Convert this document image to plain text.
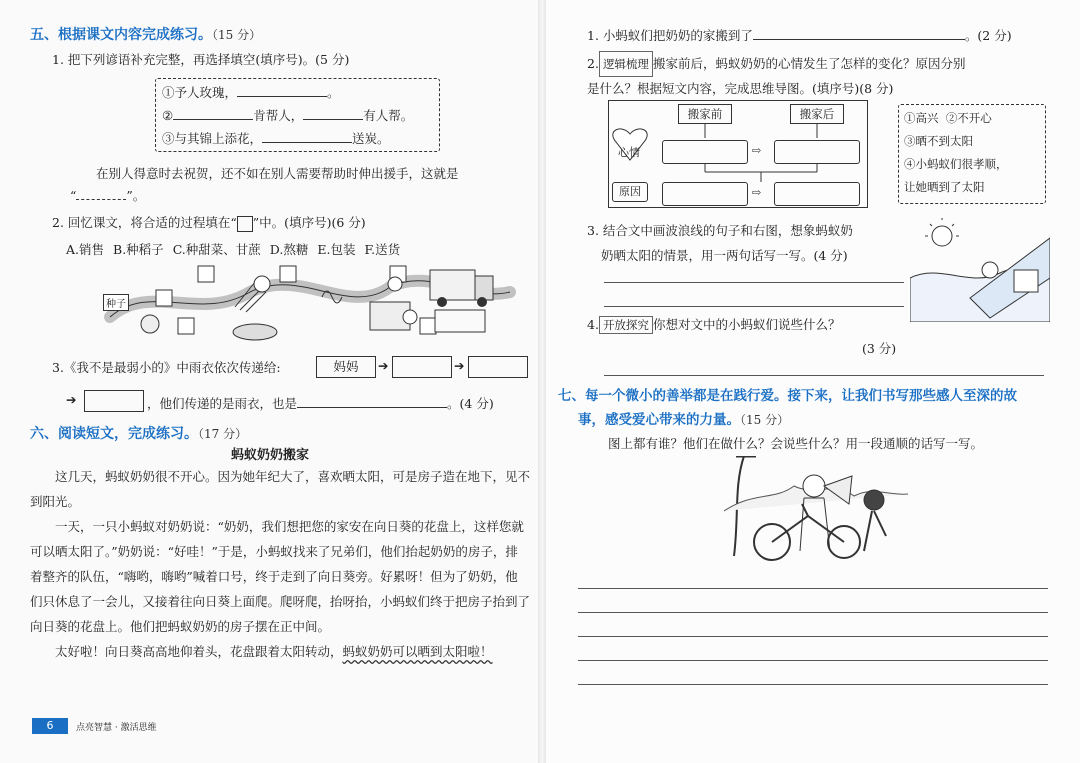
五、根据课文内容完成练习。（15 分）
1. 把下列谚语补充完整，再选择填空(填序号)。(5 分)
①予人玫瑰，	。
②	肯帮人，	有人帮。
③与其锦上添花，	送炭。
在别人得意时去祝贺，还不如在别人需要帮助时伸出援手，这就是
“	”。
2. 回忆课文，将合适的过程填在“ ”中。(填序号)(6 分)
A.销售 B.种稻子 C.种甜菜、甘蔗 D.熬糖 E.包装 F.送货
种子
3.《我不是最弱小的》中雨衣依次传递给:	妈妈	➔	➔
➔	，他们传递的是雨衣，也是	。(4 分)
六、阅读短文，完成练习。（17 分）
蚂蚁奶奶搬家

这几天，蚂蚁奶奶很不开心。因为她年纪大了，喜欢晒太阳，可是房子造在地下，见不到阳光。

一天，一只小蚂蚁对奶奶说：“奶奶，我们想把您的家安在向日葵的花盘上，这样您就可以晒太阳了。”奶奶说：“好哇！”于是，小蚂蚁找来了兄弟们，他们抬起奶奶的房子，排着整齐的队伍，“嗨哟，嗨哟”喊着口号，终于走到了向日葵旁。好累呀！但为了奶奶，他们只休息了一会儿，又接着往向日葵上面爬。爬呀爬，抬呀抬，小蚂蚁们终于把房子抬到了向日葵的花盘上。他们把蚂蚁奶奶的房子摆在正中间。

太好啦！向日葵高高地仰着头，花盘跟着太阳转动，蚂蚁奶奶可以晒到太阳啦！

6	点亮智慧 · 激活思维
1. 小蚂蚁们把奶奶的家搬到了	。(2 分)
2. 逻辑梳理 搬家前后，蚂蚁奶奶的心情发生了怎样的变化？原因分别
是什么？根据短文内容，完成思维导图。(填序号)(8 分)
搬家前	搬家后
心情	⇨
原因	⇨
①高兴 ②不开心
③晒不到太阳
④小蚂蚁们很孝顺，
让她晒到了太阳
3. 结合文中画波浪线的句子和右图，想象蚂蚁奶
奶晒太阳的情景，用一两句话写一写。(4 分)
4. 开放探究 你想对文中的小蚂蚁们说些什么？
(3 分)
七、每一个微小的善举都是在践行爱。接下来，让我们书写那些感人至深的故
事，感受爱心带来的力量。（15 分）
图上都有谁？他们在做什么？会说些什么？用一段通顺的话写一写。
